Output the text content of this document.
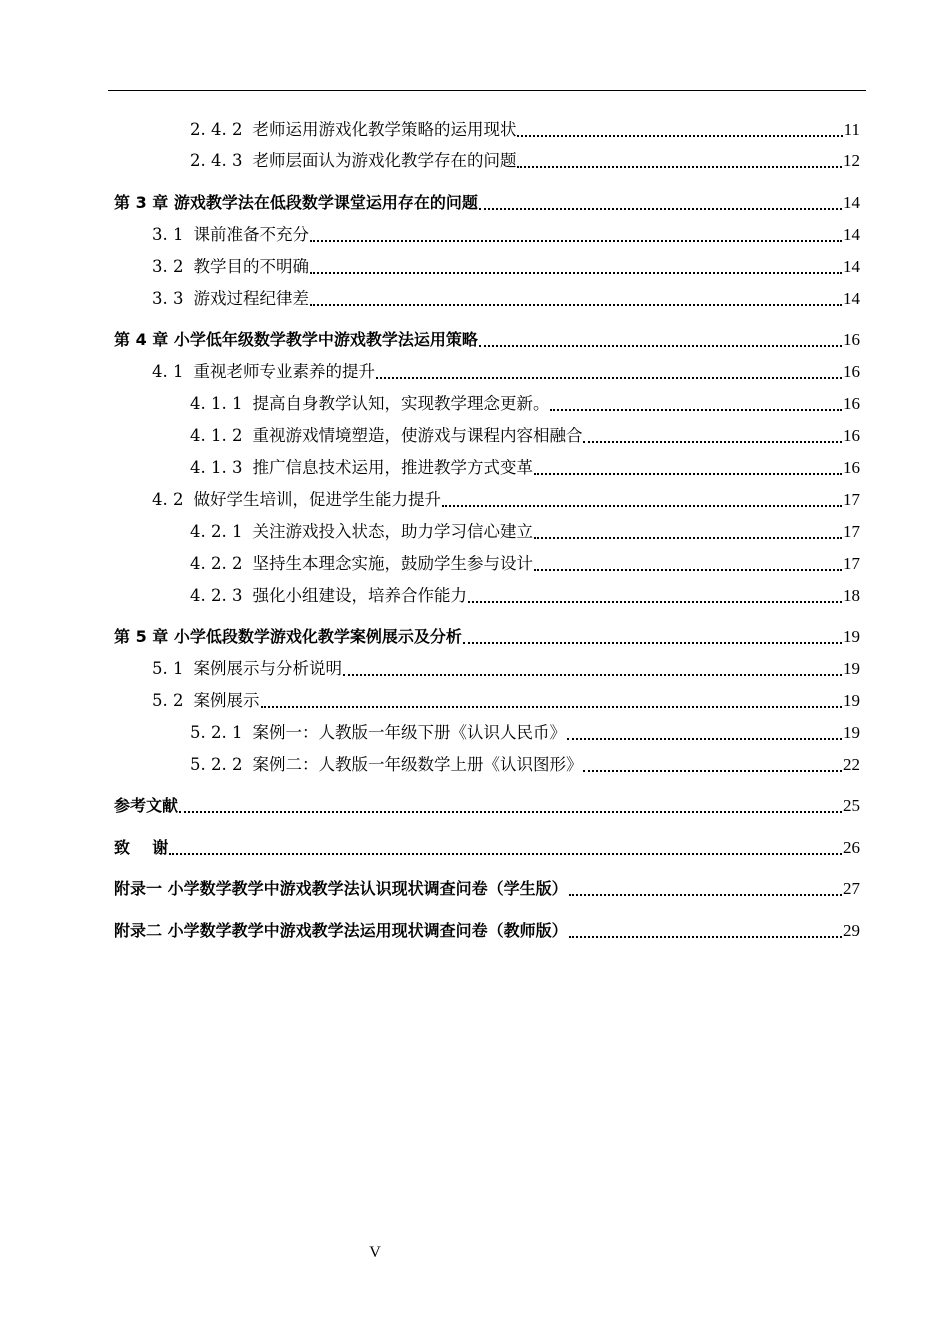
2. 4. 2 老师运用游戏化教学策略的运用现状	11
2. 4. 3 老师层面认为游戏化教学存在的问题	12
第 3 章 游戏教学法在低段数学课堂运用存在的问题	14
3. 1 课前准备不充分	14
3. 2 教学目的不明确	14
3. 3 游戏过程纪律差	14
第 4 章 小学低年级数学教学中游戏教学法运用策略	16
4. 1 重视老师专业素养的提升	16
4. 1. 1 提高自身教学认知，实现教学理念更新。	16
4. 1. 2 重视游戏情境塑造，使游戏与课程内容相融合	16
4. 1. 3 推广信息技术运用，推进教学方式变革	16
4. 2 做好学生培训，促进学生能力提升	17
4. 2. 1 关注游戏投入状态，助力学习信心建立	17
4. 2. 2 坚持生本理念实施，鼓励学生参与设计	17
4. 2. 3 强化小组建设，培养合作能力	18
第 5 章 小学低段数学游戏化教学案例展示及分析	19
5. 1 案例展示与分析说明	19
5. 2 案例展示	19
5. 2. 1 案例一：人教版一年级下册《认识人民币》	19
5. 2. 2 案例二：人教版一年级数学上册《认识图形》	22
参考文献	25
致    谢	26
附录一 小学数学教学中游戏教学法认识现状调查问卷（学生版）	27
附录二 小学数学教学中游戏教学法运用现状调查问卷（教师版）	29
V
